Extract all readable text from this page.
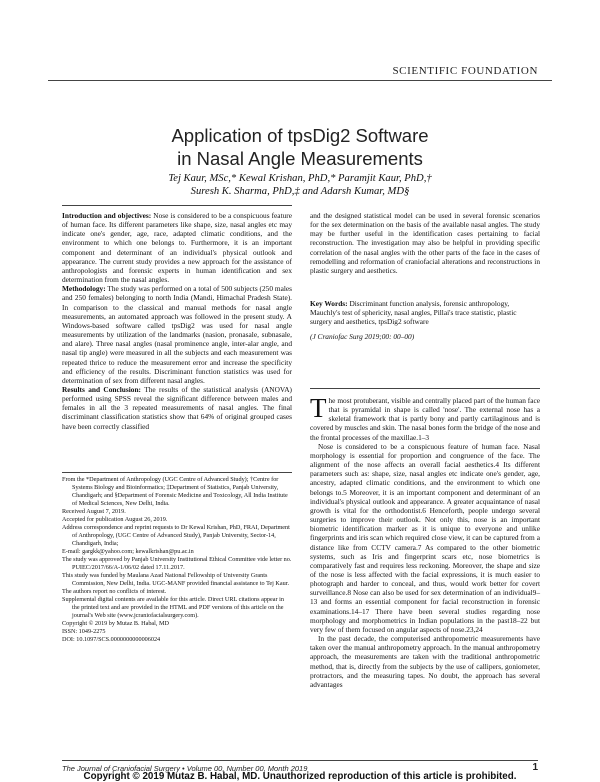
SCIENTIFIC FOUNDATION
Application of tpsDig2 Software
in Nasal Angle Measurements
Tej Kaur, MSc,* Kewal Krishan, PhD,* Paramjit Kaur, PhD,†
Suresh K. Sharma, PhD,‡ and Adarsh Kumar, MD§

Introduction and objectives: Nose is considered to be a conspicuous feature of human face. Its different parameters like shape, size, nasal angles etc may indicate one's gender, age, race, adapted climatic conditions, and the environment to which one belongs to. Furthermore, it is an important component and determinant of an individual's physical outlook and appearance. The current study provides a new approach for the assistance of anthropologists and forensic experts in human identification and sex determination from the nasal angles.

Methodology: The study was performed on a total of 500 subjects (250 males and 250 females) belonging to north India (Mandi, Himachal Pradesh State). In comparison to the classical and manual methods for nasal angle measurements, an automated approach was followed in the present study. A Windows-based software called tpsDig2 was used for nasal angle measurements by utilization of the landmarks (nasion, pronasale, subnasale, and alare). Three nasal angles (nasal prominence angle, inter-alar angle, and nasal tip angle) were measured in all the subjects and each measurement was repeated thrice to reduce the measurement error and increase the specificity and efficiency of the results. Discriminant function statistics was used for determination of sex from different nasal angles.

Results and Conclusion: The results of the statistical analysis (ANOVA) performed using SPSS reveal the significant difference between males and females in all the 3 repeated measurements of nasal angles. The final discriminant classification statistics show that 64% of original grouped cases have been correctly classified

From the *Department of Anthropology (UGC Centre of Advanced Study); †Centre for Systems Biology and Bioinformatics; ‡Department of Statistics, Panjab University, Chandigarh; and §Department of Forensic Medicine and Toxicology, All India Institute of Medical Sciences, New Delhi, India.

Received August 7, 2019.

Accepted for publication August 26, 2019.

Address correspondence and reprint requests to Dr Kewal Krishan, PhD, FRAI, Department of Anthropology, (UGC Centre of Advanced Study), Panjab University, Sector-14, Chandigarh, India;

E-mail: gargkk@yahoo.com; kewalkrishan@pu.ac.in

The study was approved by Panjab University Institutional Ethical Committee vide letter no. PUIEC/2017/66/A-1/06/02 dated 17.11.2017.

This study was funded by Maulana Azad National Fellowship of University Grants Commission, New Delhi, India. UGC-MANF provided financial assistance to Tej Kaur.

The authors report no conflicts of interest.

Supplemental digital contents are available for this article. Direct URL citations appear in the printed text and are provided in the HTML and PDF versions of this article on the journal's Web site (www.jcraniofacialsurgery.com).

Copyright © 2019 by Mutaz B. Habal, MD

ISSN: 1049-2275

DOI: 10.1097/SCS.0000000000006024

and the designed statistical model can be used in several forensic scenarios for the sex determination on the basis of the available nasal angles. The study may be further useful in the identification cases pertaining to facial reconstruction. The investigation may also be helpful in providing specific correlation of the nasal angles with the other parts of the face in the cases of remodelling and reformation of craniofacial alterations and reconstructions in plastic surgery and aesthetics.

Key Words: Discriminant function analysis, forensic anthropology, Mauchly's test of sphericity, nasal angles, Pillai's trace statistic, plastic surgery and aesthetics, tpsDig2 software

(J Craniofac Surg 2019;00: 00–00)

The most protuberant, visible and centrally placed part of the human face that is pyramidal in shape is called 'nose'. The external nose has a skeletal framework that is partly bony and partly cartilaginous and is covered by muscles and skin. The nasal bones form the bridge of the nose and the frontal processes of the maxillae.1–3

Nose is considered to be a conspicuous feature of human face. Nasal morphology is essential for proportion and congruence of the face. The alignment of the nose affects an overall facial aesthetics.4 Its different parameters such as: shape, size, nasal angles etc indicate one's gender, age, ancestry, adapted climatic conditions, and the environment to which one belongs to.5 Moreover, it is an important component and determinant of an individual's physical outlook and appearance. A greater acquaintance of nasal growth is vital for the orthodontist.6 Henceforth, people undergo several surgeries to improve their outlook. Not only this, nose is an important biometric identification marker as it is unique to everyone and unlike fingerprints and iris scan which required close view, it can be captured from a distance like from CCTV camera.7 As compared to the other biometric systems, such as Iris and fingerprint scars etc, nose biometrics is comparatively fast and requires less reckoning. Moreover, the shape and size of the nose is less affected with the facial expressions, it is much easier to photograph and harder to conceal, and thus, would work better for covert surveillance.8 Nose can also be used for sex determination of an individual9–13 and forms an essential component for facial reconstruction in forensic examinations.14–17 There have been several studies regarding nose morphology and morphometrics in Indian populations in the past18–22 but very few of them focused on angular aspects of nose.23,24

In the past decade, the computerised anthropometric measurements have taken over the manual anthropometry approach. In the manual anthropometry approach, the measurements are taken with the traditional anthropometric method, that is, directly from the subjects by the use of callipers, goniometer, protractors, and the measuring tapes. No doubt, the approach has several advantages

The Journal of Craniofacial Surgery • Volume 00, Number 00, Month 2019	1
Copyright © 2019 Mutaz B. Habal, MD. Unauthorized reproduction of this article is prohibited.
